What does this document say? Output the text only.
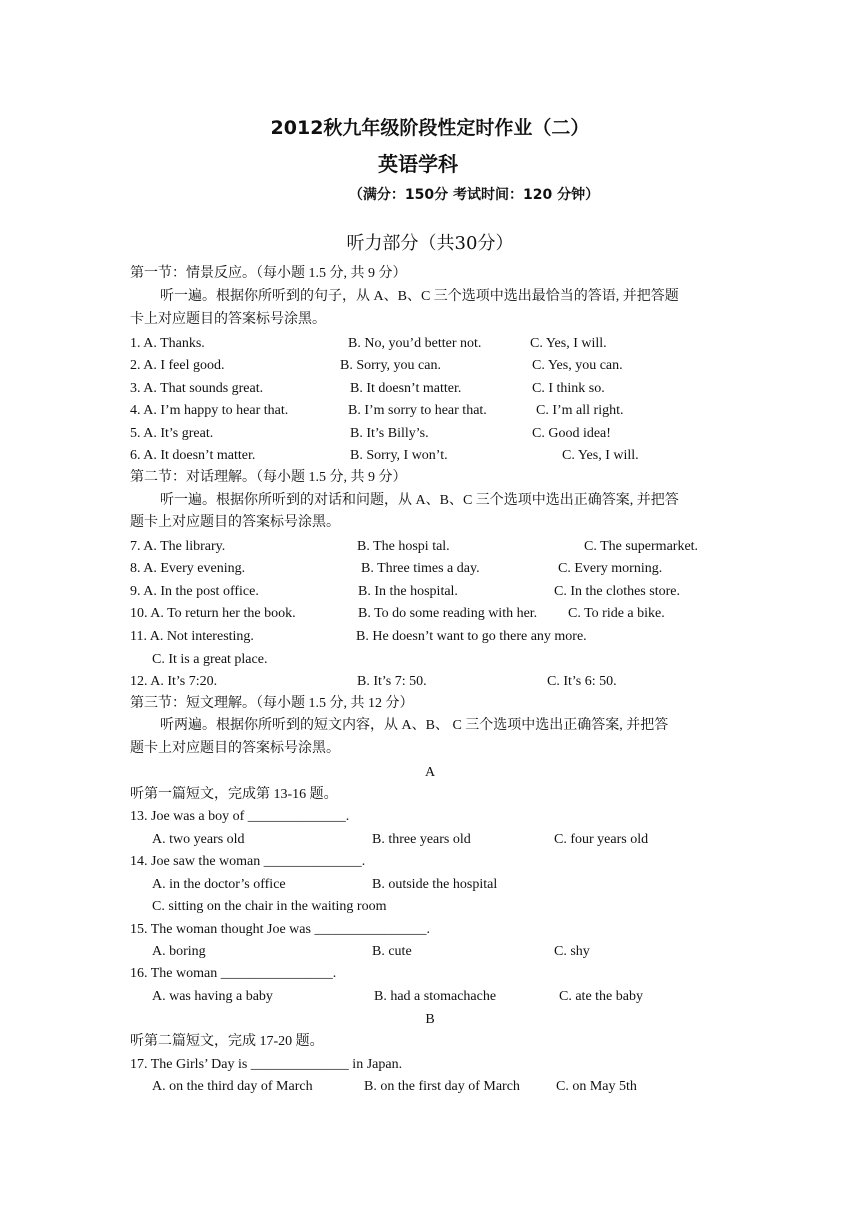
2012秋九年级阶段性定时作业（二）
英语学科
（满分：150分 考试时间：120 分钟）
听力部分（共30分）
第一节：情景反应。（每小题 1.5 分, 共 9 分）
听一遍。根据你所听到的句子，从 A、B、C 三个选项中选出最恰当的答语, 并把答题
卡上对应题目的答案标号涂黑。
1. A. Thanks.	B. No, you’d better not.	C. Yes, I will.
2. A. I feel good.	B. Sorry, you can.	C. Yes, you can.
3. A. That sounds great.	B. It doesn’t matter.	C. I think so.
4. A. I’m happy to hear that.	B. I’m sorry to hear that.	C. I’m all right.
5. A. It’s great.	B. It’s Billy’s.	C. Good idea!
6. A. It doesn’t matter.	B. Sorry, I won’t.	C. Yes, I will.
第二节：对话理解。（每小题 1.5 分, 共 9 分）
听一遍。根据你所听到的对话和问题，从 A、B、C 三个选项中选出正确答案, 并把答
题卡上对应题目的答案标号涂黑。
7. A. The library.	B. The hospi tal.	C. The supermarket.
8. A. Every evening.	B. Three times a day.	C. Every morning.
9. A. In the post office.	B. In the hospital.	C. In the clothes store.
10. A. To return her the book.	B. To do some reading with her. C. To ride a bike.
11. A. Not interesting.	B. He doesn’t want to go there any more.
C. It is a great place.
12. A. It’s 7:20.	B. It’s 7: 50.	C. It’s 6: 50.
第三节：短文理解。（每小题 1.5 分, 共 12 分）
听两遍。根据你所听到的短文内容，从 A、B、 C 三个选项中选出正确答案, 并把答
题卡上对应题目的答案标号涂黑。
A
听第一篇短文，完成第 13-16 题。
13. Joe was a boy of ______________.
A. two years old	B. three years old	C. four years old
14. Joe saw the woman ______________.
A. in the doctor’s office	B. outside the hospital
C. sitting on the chair in the waiting room
15. The woman thought Joe was ________________.
A. boring	B. cute	C. shy
16. The woman ________________.
A. was having a baby	B. had a stomachache	C. ate the baby
B
听第二篇短文，完成 17-20 题。
17. The Girls’ Day is ______________ in Japan.
A. on the third day of March	B. on the first day of March	C. on May 5th
